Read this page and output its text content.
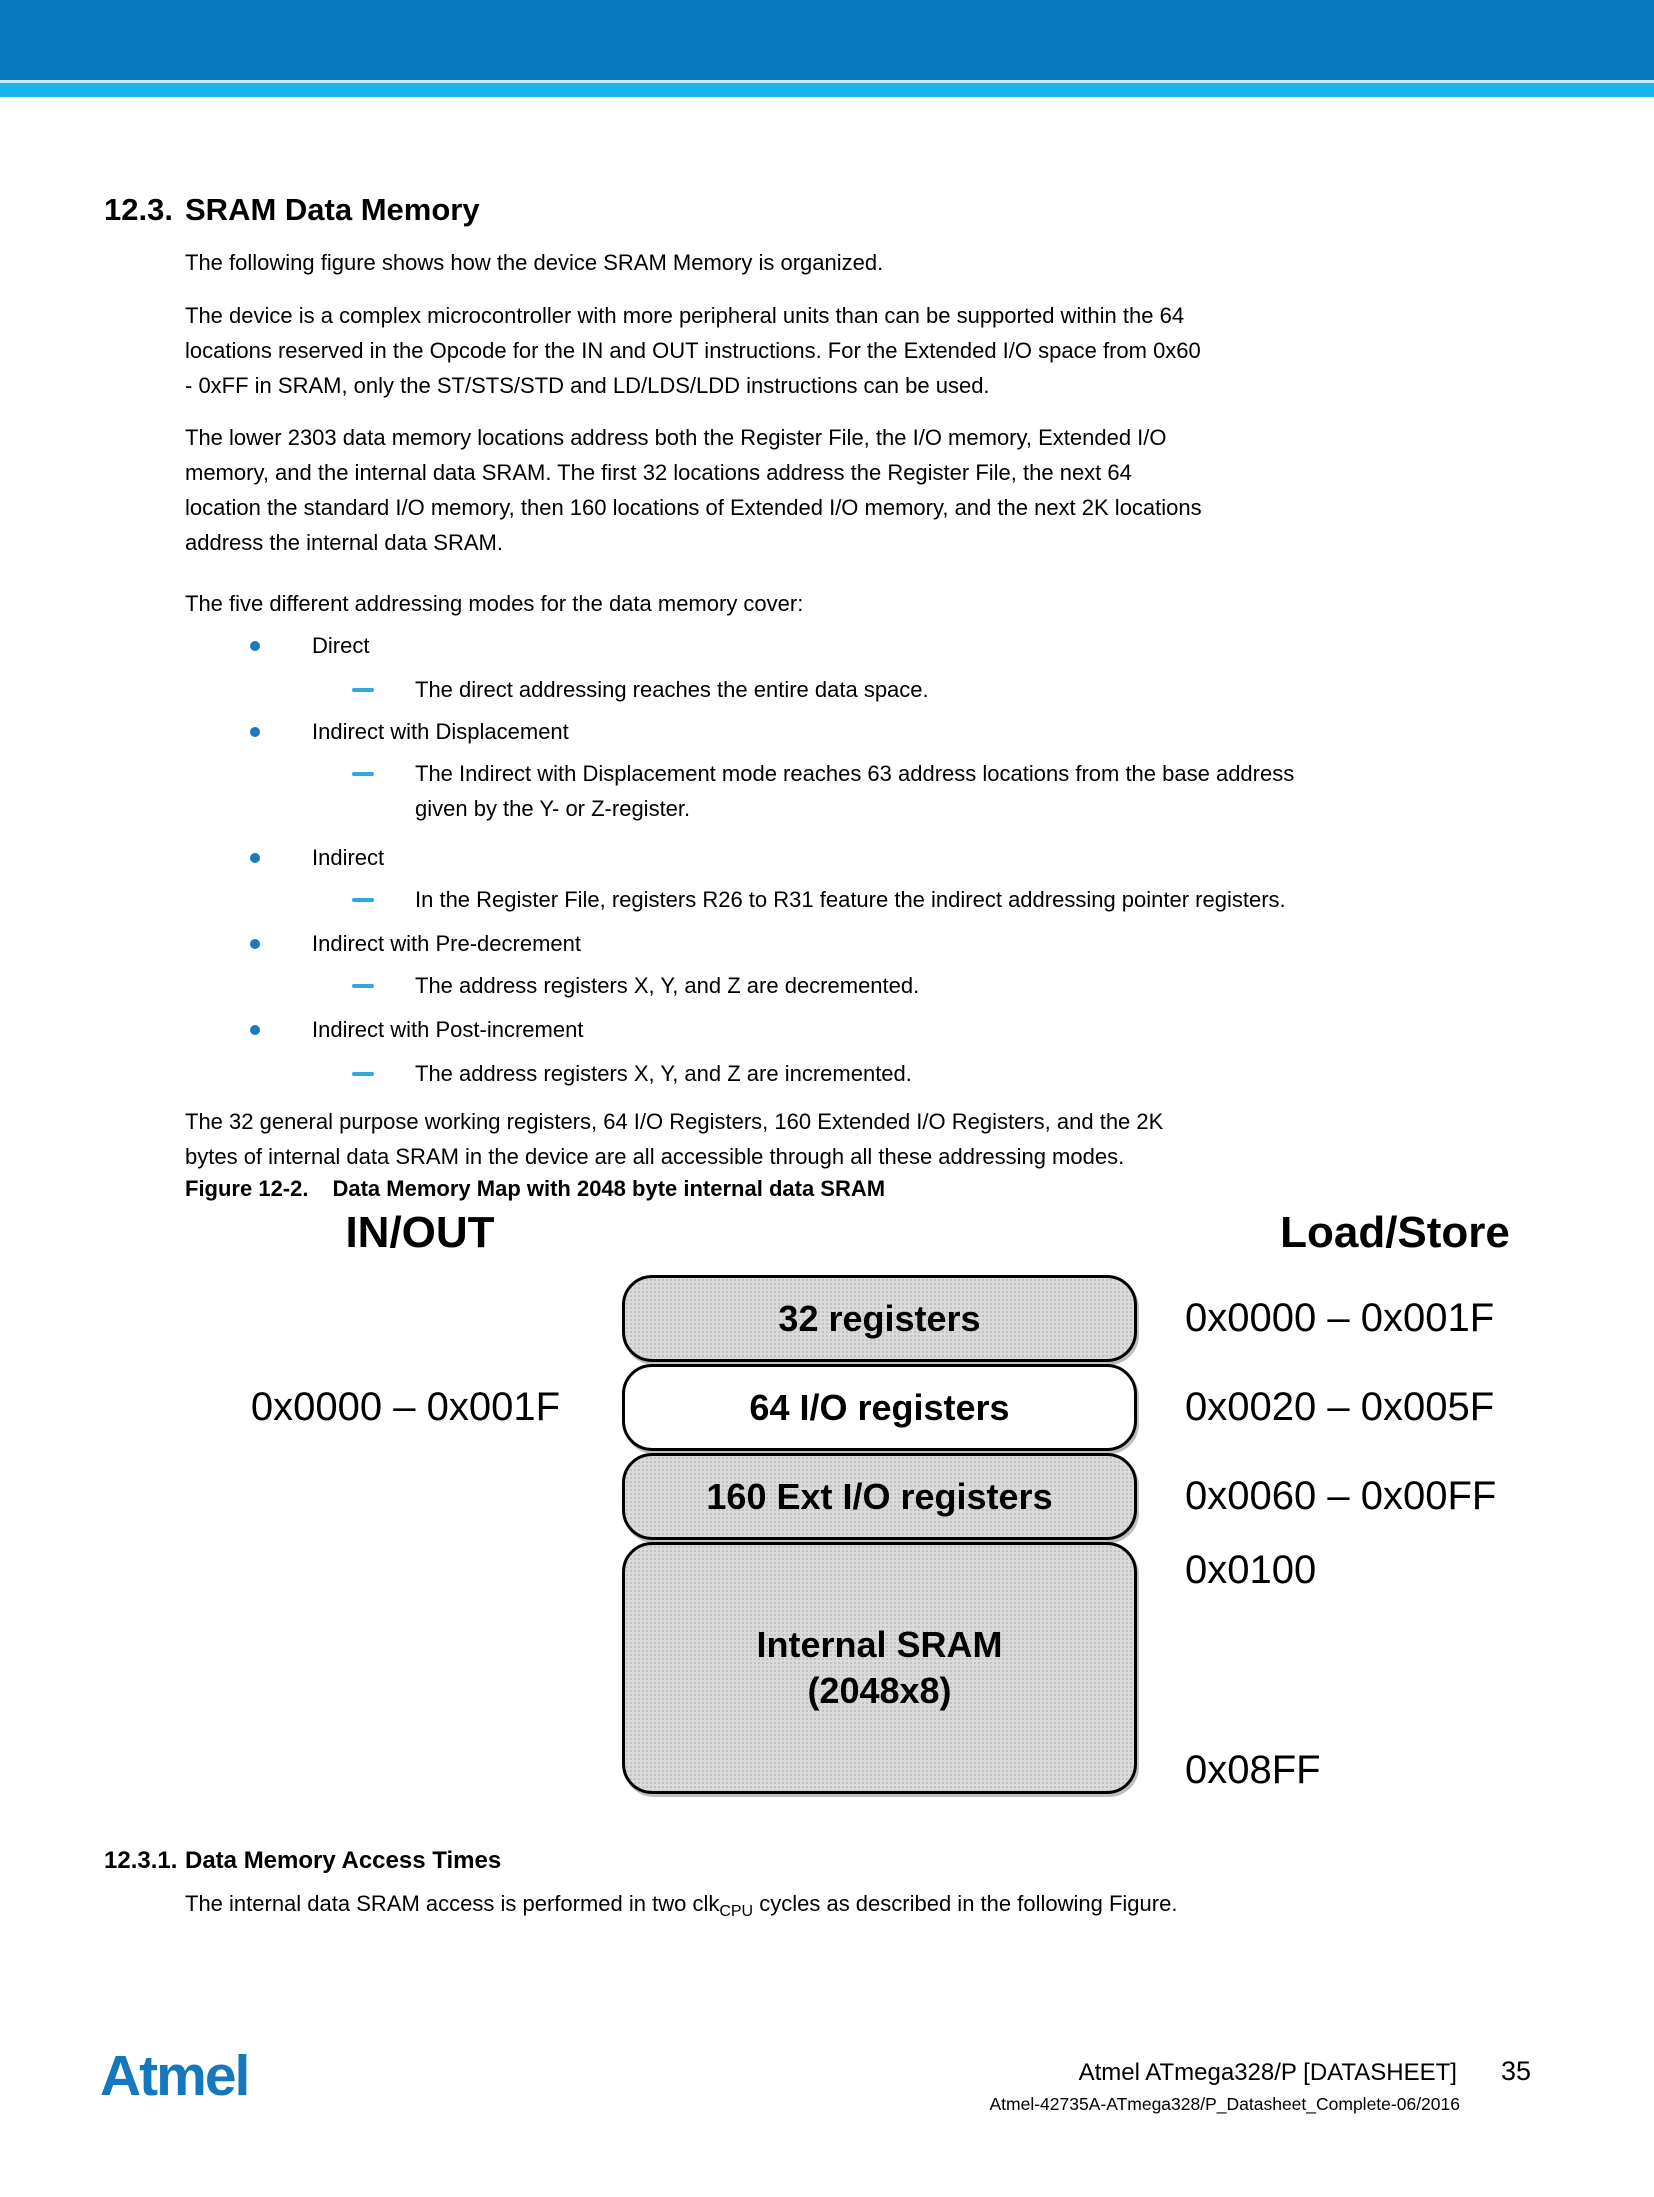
12.3. SRAM Data Memory
The following figure shows how the device SRAM Memory is organized.
The device is a complex microcontroller with more peripheral units than can be supported within the 64
locations reserved in the Opcode for the IN and OUT instructions. For the Extended I/O space from 0x60
- 0xFF in SRAM, only the ST/STS/STD and LD/LDS/LDD instructions can be used.
The lower 2303 data memory locations address both the Register File, the I/O memory, Extended I/O
memory, and the internal data SRAM. The first 32 locations address the Register File, the next 64
location the standard I/O memory, then 160 locations of Extended I/O memory, and the next 2K locations
address the internal data SRAM.
The five different addressing modes for the data memory cover:
Direct
The direct addressing reaches the entire data space.
Indirect with Displacement
The Indirect with Displacement mode reaches 63 address locations from the base address
given by the Y- or Z-register.
Indirect
In the Register File, registers R26 to R31 feature the indirect addressing pointer registers.
Indirect with Pre-decrement
The address registers X, Y, and Z are decremented.
Indirect with Post-increment
The address registers X, Y, and Z are incremented.
The 32 general purpose working registers, 64 I/O Registers, 160 Extended I/O Registers, and the 2K
bytes of internal data SRAM in the device are all accessible through all these addressing modes.
Figure 12-2. Data Memory Map with 2048 byte internal data SRAM
IN/OUT	Load/Store
32 registers
64 I/O registers
160 Ext I/O registers
Internal SRAM
(2048x8)
0x0000 – 0x001F
0x0000 – 0x001F
0x0020 – 0x005F
0x0060 – 0x00FF
0x0100
0x08FF
12.3.1. Data Memory Access Times
The internal data SRAM access is performed in two clk$_{CPU}$ cycles as described in the following Figure.
Atmel	Atmel ATmega328/P [DATASHEET] 35
Atmel-42735A-ATmega328/P_Datasheet_Complete-06/2016
